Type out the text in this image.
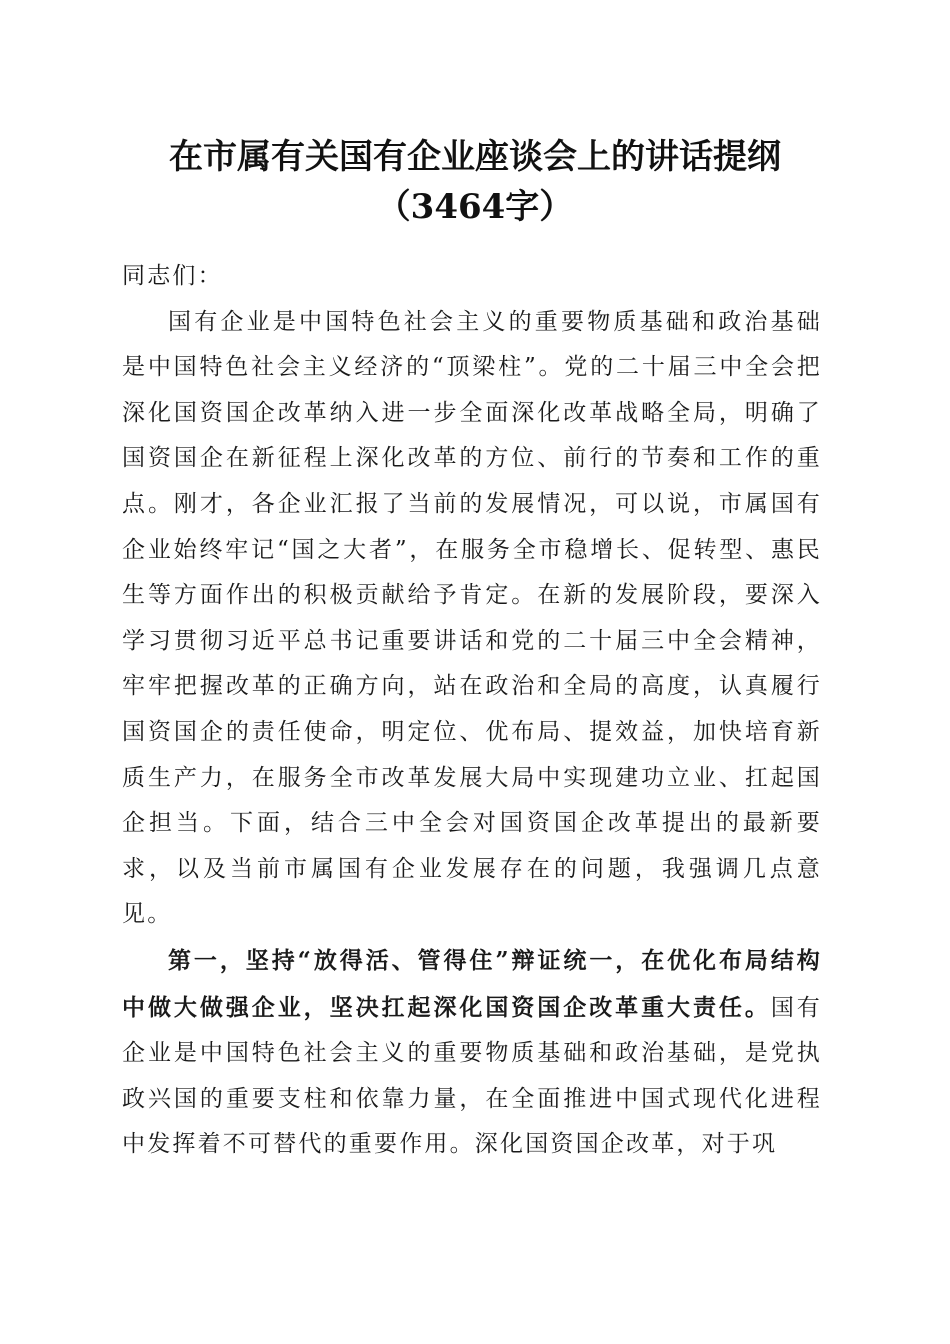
在市属有关国有企业座谈会上的讲话提纲
（3464字）

同志们：

国有企业是中国特色社会主义的重要物质基础和政治基础是中国特色社会主义经济的“顶梁柱”。党的二十届三中全会把深化国资国企改革纳入进一步全面深化改革战略全局，明确了国资国企在新征程上深化改革的方位、前行的节奏和工作的重点。刚才，各企业汇报了当前的发展情况，可以说，市属国有企业始终牢记“国之大者”，在服务全市稳增长、促转型、惠民生等方面作出的积极贡献给予肯定。在新的发展阶段，要深入学习贯彻习近平总书记重要讲话和党的二十届三中全会精神，牢牢把握改革的正确方向，站在政治和全局的高度，认真履行国资国企的责任使命，明定位、优布局、提效益，加快培育新质生产力，在服务全市改革发展大局中实现建功立业、扛起国企担当。下面，结合三中全会对国资国企改革提出的最新要求，以及当前市属国有企业发展存在的问题，我强调几点意见。

第一，坚持“放得活、管得住”辩证统一，在优化布局结构中做大做强企业，坚决扛起深化国资国企改革重大责任。国有企业是中国特色社会主义的重要物质基础和政治基础，是党执政兴国的重要支柱和依靠力量，在全面推进中国式现代化进程中发挥着不可替代的重要作用。深化国资国企改革，对于巩
